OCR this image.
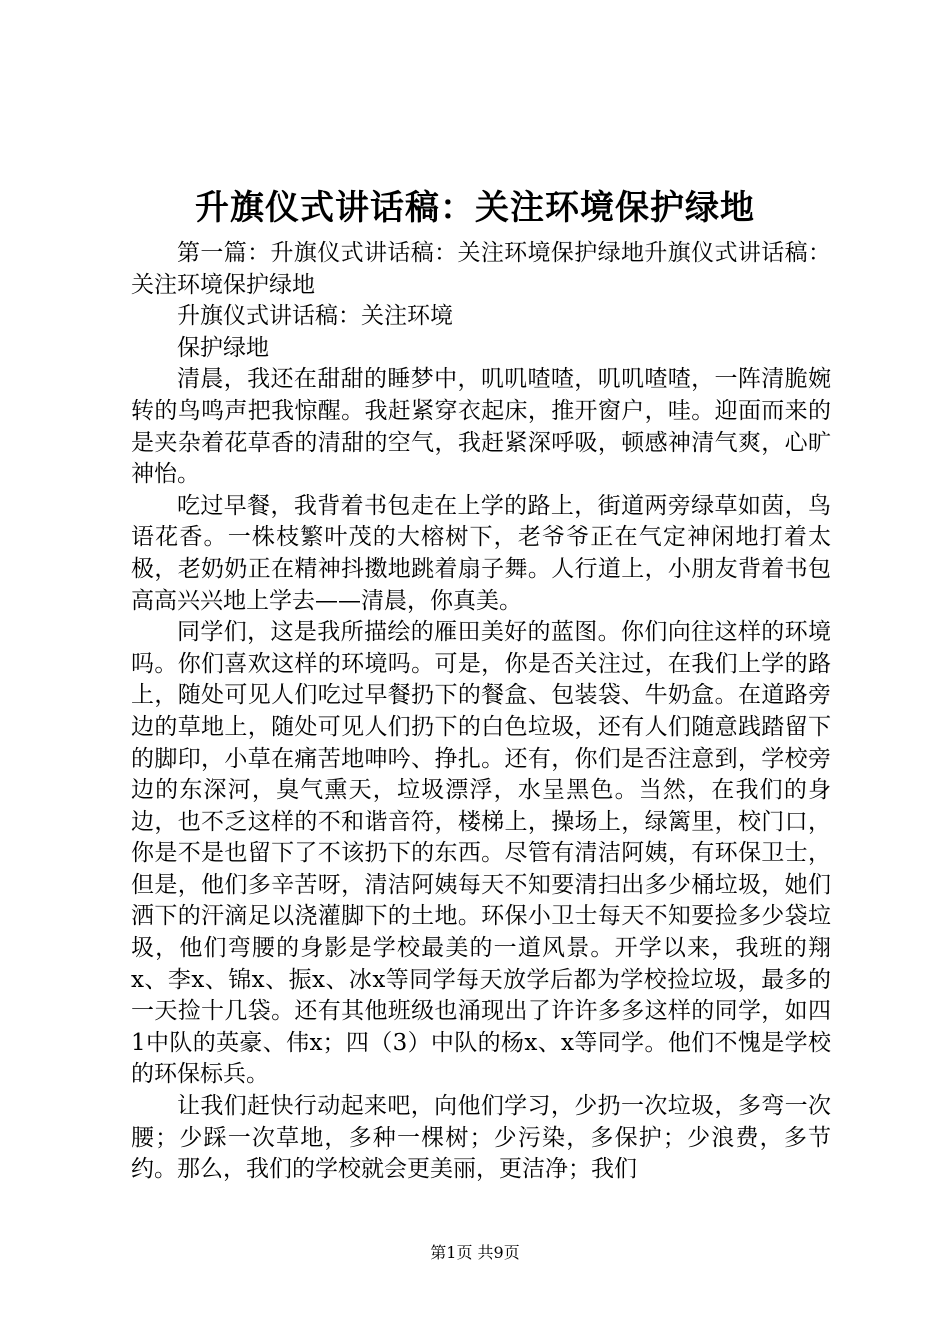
升旗仪式讲话稿：关注环境保护绿地

第一篇：升旗仪式讲话稿：关注环境保护绿地升旗仪式讲话稿：关注环境保护绿地

升旗仪式讲话稿：关注环境

保护绿地

清晨，我还在甜甜的睡梦中，叽叽喳喳，叽叽喳喳，一阵清脆婉转的鸟鸣声把我惊醒。我赶紧穿衣起床，推开窗户，哇。迎面而来的是夹杂着花草香的清甜的空气，我赶紧深呼吸，顿感神清气爽，心旷神怡。

吃过早餐，我背着书包走在上学的路上，街道两旁绿草如茵，鸟语花香。一株枝繁叶茂的大榕树下，老爷爷正在气定神闲地打着太极，老奶奶正在精神抖擞地跳着扇子舞。人行道上，小朋友背着书包高高兴兴地上学去——清晨，你真美。

同学们，这是我所描绘的雁田美好的蓝图。你们向往这样的环境吗。你们喜欢这样的环境吗。可是，你是否关注过，在我们上学的路上，随处可见人们吃过早餐扔下的餐盒、包装袋、牛奶盒。在道路旁边的草地上，随处可见人们扔下的白色垃圾，还有人们随意践踏留下的脚印，小草在痛苦地呻吟、挣扎。还有，你们是否注意到，学校旁边的东深河，臭气熏天，垃圾漂浮，水呈黑色。当然，在我们的身边，也不乏这样的不和谐音符，楼梯上，操场上，绿篱里，校门口，你是不是也留下了不该扔下的东西。尽管有清洁阿姨，有环保卫士，但是，他们多辛苦呀，清洁阿姨每天不知要清扫出多少桶垃圾，她们洒下的汗滴足以浇灌脚下的土地。环保小卫士每天不知要捡多少袋垃圾，他们弯腰的身影是学校最美的一道风景。开学以来，我班的翔x、李x、锦x、振x、冰x等同学每天放学后都为学校捡垃圾，最多的一天捡十几袋。还有其他班级也涌现出了许许多多这样的同学，如四1中队的英豪、伟x；四（3）中队的杨x、x等同学。他们不愧是学校的环保标兵。

让我们赶快行动起来吧，向他们学习，少扔一次垃圾，多弯一次腰；少踩一次草地，多种一棵树；少污染，多保护；少浪费，多节约。那么，我们的学校就会更美丽，更洁净；我们

第1页 共9页
